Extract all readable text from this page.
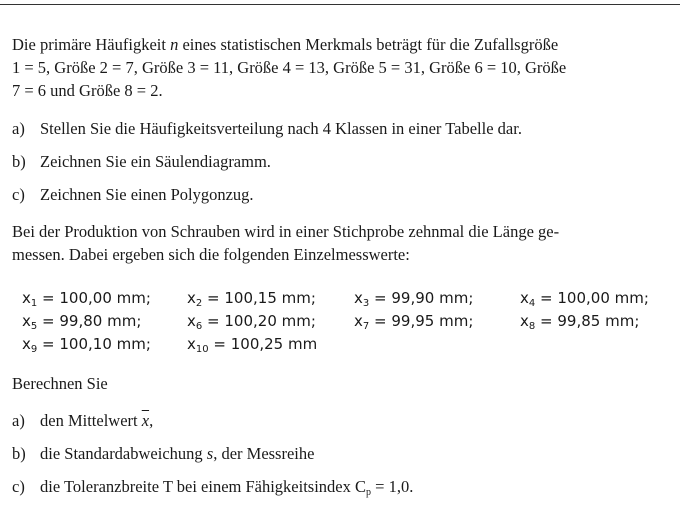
Die primäre Häufigkeit n eines statistischen Merkmals beträgt für die Zufallsgröße
1 = 5, Größe 2 = 7, Größe 3 = 11, Größe 4 = 13, Größe 5 = 31, Größe 6 = 10, Größe
7 = 6 und Größe 8 = 2.
a) Stellen Sie die Häufigkeitsverteilung nach 4 Klassen in einer Tabelle dar.
b) Zeichnen Sie ein Säulendiagramm.
c) Zeichnen Sie einen Polygonzug.
Bei der Produktion von Schrauben wird in einer Stichprobe zehnmal die Länge ge-
messen. Dabei ergeben sich die folgenden Einzelmesswerte:
$x_1 = 100,00$ mm; $x_2 = 100,15$ mm;	$x_3 = 99,90$ mm;	$x_4 = 100,00$ mm;
$x_5 = 99,80$ mm;	$x_6 = 100,20$ mm;	$x_7 = 99,95$ mm;	$x_8 = 99,85$ mm;
$x_9 = 100,10$ mm; $x_{10} = 100,25$ mm
Berechnen Sie
a) den Mittelwert $\overline{x}$,
b) die Standardabweichung s, der Messreihe
c) die Toleranzbreite T bei einem Fähigkeitsindex $C_p = 1,0$.
